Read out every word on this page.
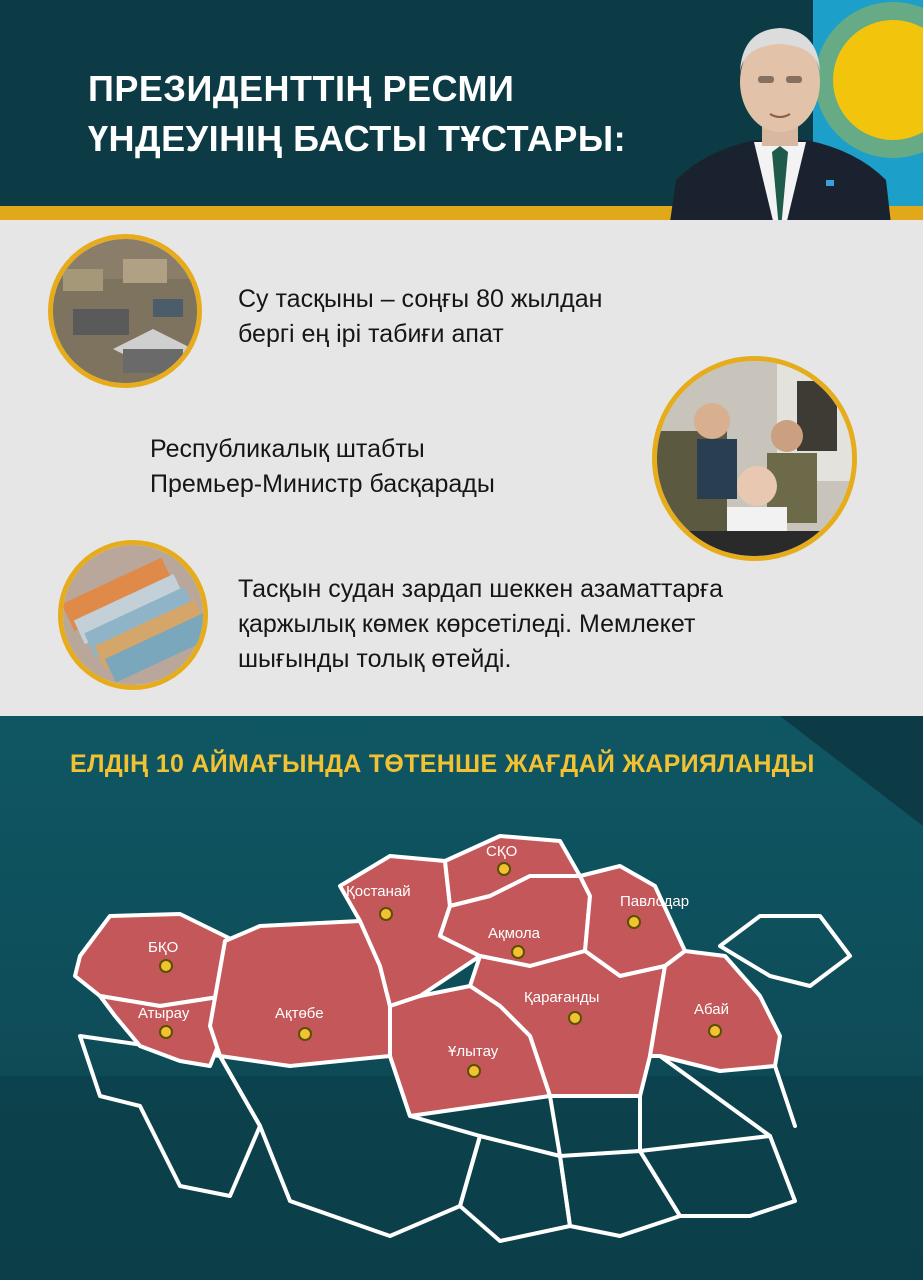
ПРЕЗИДЕНТТІҢ РЕСМИ
ҮНДЕУІНІҢ БАСТЫ ТҰСТАРЫ:
Су тасқыны – соңғы 80 жылдан
бергі ең ірі табиғи апат
Республикалық штабты
Премьер-Министр басқарады
Тасқын судан зардап шеккен азаматтарға
қаржылық көмек көрсетіледі. Мемлекет
шығынды толық өтейді.
ЕЛДІҢ 10 АЙМАҒЫНДА ТӨТЕНШЕ ЖАҒДАЙ ЖАРИЯЛАНДЫ
БҚО
Атырау	Ақтөбе
Қостанай
СҚО
Ақмола
Павлодар
Қарағанды
Абай
Ұлытау
